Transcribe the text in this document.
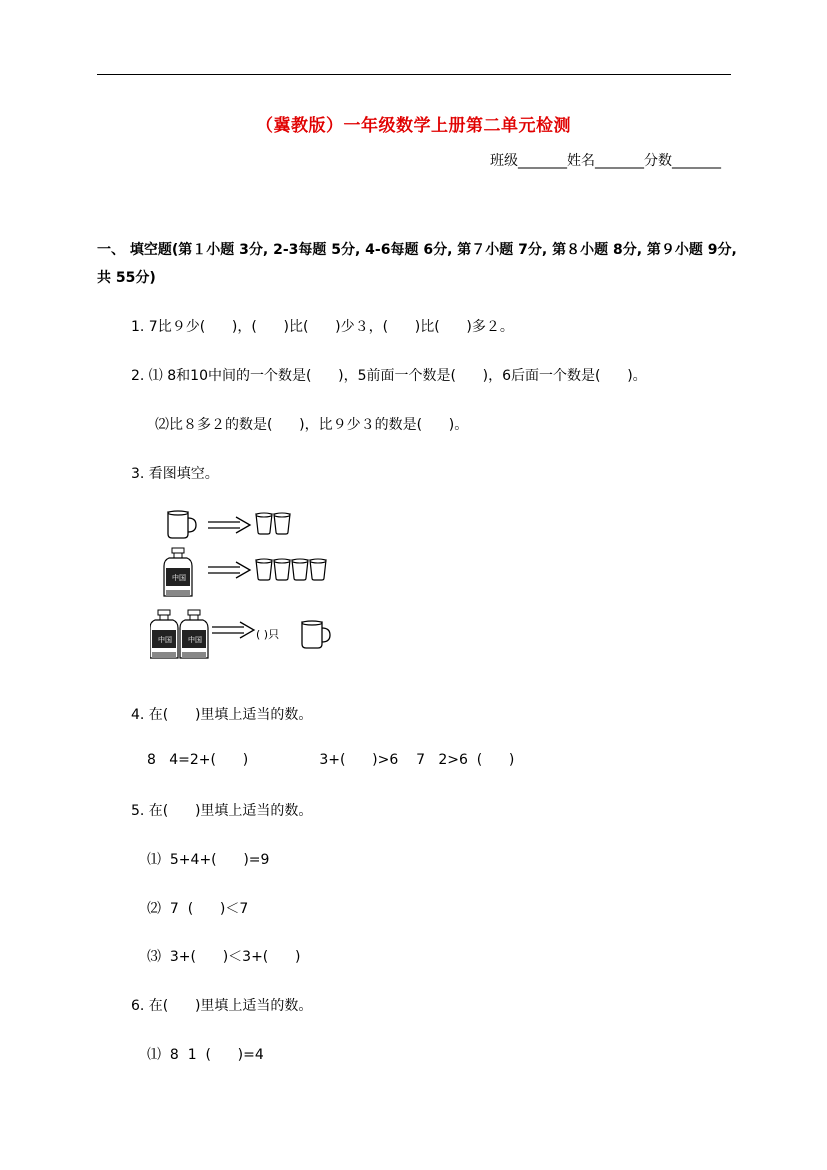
（冀教版）一年级数学上册第二单元检测
班级_______姓名_______分数_______
一、 填空题(第１小题 3分, 2-3每题 5分, 4-6每题 6分, 第７小题 7分, 第８小题 8分, 第９小题 9分, 共 55分)
1. 7比９少(      )，(      )比(      )少３，(      )比(      )多２。
2. ⑴ 8和10中间的一个数是(      )，5前面一个数是(      )，6后面一个数是(      )。
⑵比８多２的数是(      )，比９少３的数是(      )。
3. 看图填空。
中国
中国 中国	( )只
4. 在(      )里填上适当的数。
8   4=2+(      )                3+(      )>6    7   2>6  (      )
5. 在(      )里填上适当的数。
⑴  5+4+(      )=9
⑵  7  (      )＜7
⑶  3+(      )＜3+(      )
6. 在(      )里填上适当的数。
⑴  8  1  (      )=4
